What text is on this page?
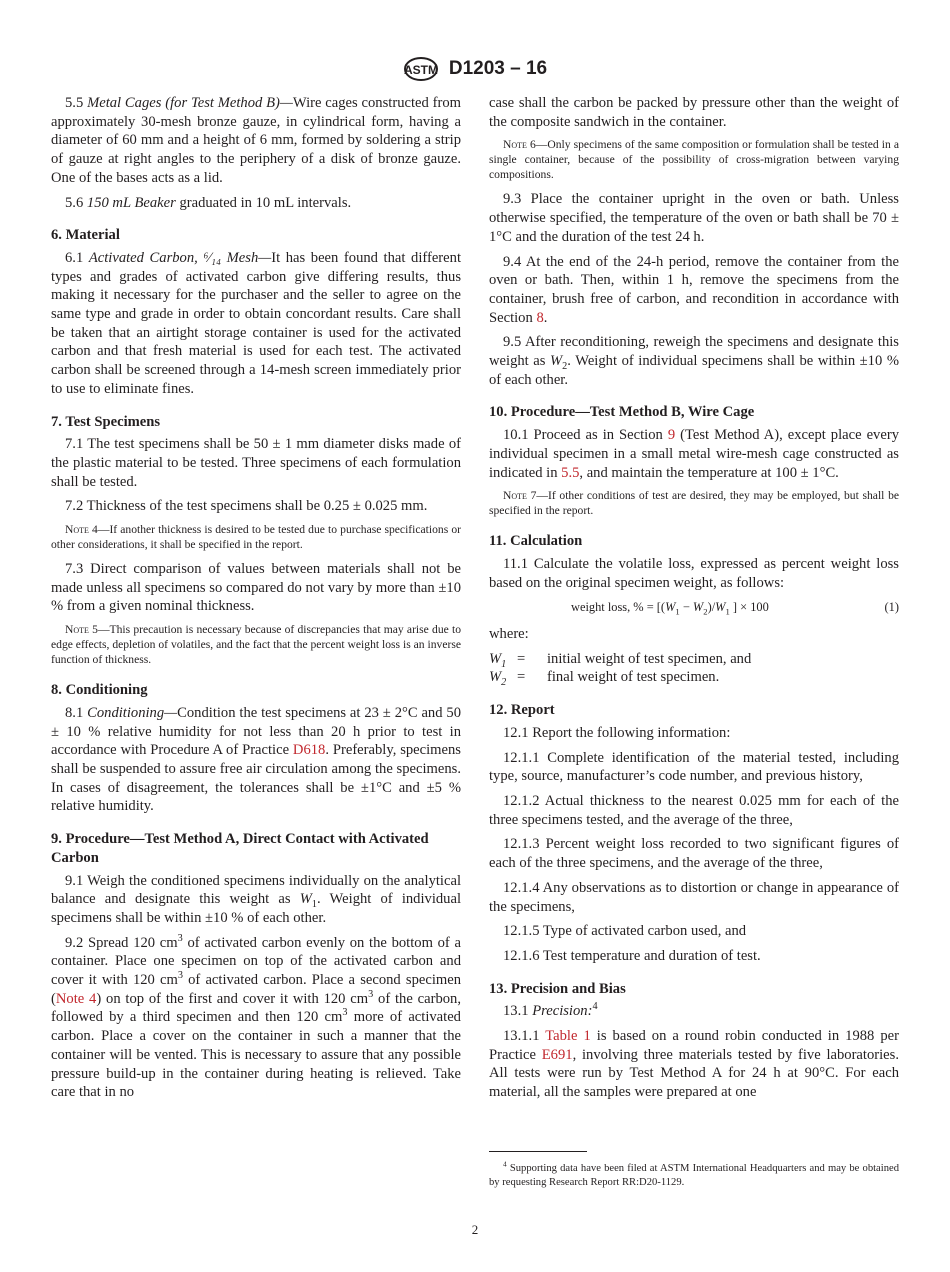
ASTM D1203 – 16
5.5 Metal Cages (for Test Method B)—Wire cages constructed from approximately 30-mesh bronze gauze, in cylindrical form, having a diameter of 60 mm and a height of 6 mm, formed by soldering a strip of gauze at right angles to the periphery of a disk of bronze gauze. One of the bases acts as a lid.
5.6 150 mL Beaker graduated in 10 mL intervals.
6. Material
6.1 Activated Carbon, ⁶⁄₁₄ Mesh—It has been found that different types and grades of activated carbon give differing results, thus making it necessary for the purchaser and the seller to agree on the same type and grade in order to obtain concordant results. Care shall be taken that an airtight storage container is used for the activated carbon and that fresh material is used for each test. The activated carbon shall be screened through a 14-mesh screen immediately prior to use to eliminate fines.
7. Test Specimens
7.1 The test specimens shall be 50 ± 1 mm diameter disks made of the plastic material to be tested. Three specimens of each formulation shall be tested.
7.2 Thickness of the test specimens shall be 0.25 ± 0.025 mm.
Note 4—If another thickness is desired to be tested due to purchase specifications or other considerations, it shall be specified in the report.
7.3 Direct comparison of values between materials shall not be made unless all specimens so compared do not vary by more than ±10 % from a given nominal thickness.
Note 5—This precaution is necessary because of discrepancies that may arise due to edge effects, depletion of volatiles, and the fact that the percent weight loss is an inverse function of thickness.
8. Conditioning
8.1 Conditioning—Condition the test specimens at 23 ± 2°C and 50 ± 10 % relative humidity for not less than 20 h prior to test in accordance with Procedure A of Practice D618. Preferably, specimens shall be suspended to assure free air circulation among the specimens. In cases of disagreement, the tolerances shall be ±1°C and ±5 % relative humidity.
9. Procedure—Test Method A, Direct Contact with Activated Carbon
9.1 Weigh the conditioned specimens individually on the analytical balance and designate this weight as $W_1$. Weight of individual specimens shall be within ±10 % of each other.
9.2 Spread 120 $cm^3$ of activated carbon evenly on the bottom of a container. Place one specimen on top of the activated carbon and cover it with 120 $cm^3$ of activated carbon. Place a second specimen (Note 4) on top of the first and cover it with 120 $cm^3$ of the carbon, followed by a third specimen and then 120 $cm^3$ more of activated carbon. Place a cover on the container in such a manner that the container will be vented. This is necessary to assure that any possible pressure build-up in the container during heating is relieved. Take care that in no
case shall the carbon be packed by pressure other than the weight of the composite sandwich in the container.
Note 6—Only specimens of the same composition or formulation shall be tested in a single container, because of the possibility of cross-migration between varying compositions.
9.3 Place the container upright in the oven or bath. Unless otherwise specified, the temperature of the oven or bath shall be 70 ± 1°C and the duration of the test 24 h.
9.4 At the end of the 24-h period, remove the container from the oven or bath. Then, within 1 h, remove the specimens from the container, brush free of carbon, and recondition in accordance with Section 8.
9.5 After reconditioning, reweigh the specimens and designate this weight as $W_2$. Weight of individual specimens shall be within ±10 % of each other.
10. Procedure—Test Method B, Wire Cage
10.1 Proceed as in Section 9 (Test Method A), except place every individual specimen in a small metal wire-mesh cage constructed as indicated in 5.5, and maintain the temperature at 100 ± 1°C.
Note 7—If other conditions of test are desired, they may be employed, but shall be specified in the report.
11. Calculation
11.1 Calculate the volatile loss, expressed as percent weight loss based on the original specimen weight, as follows:
weight loss, % = [$(W_1 - W_2)/W_1$ ] × 100	(1)
where:
$W_1$ =	initial weight of test specimen, and
$W_2$ =	final weight of test specimen.
12. Report
12.1 Report the following information:
12.1.1 Complete identification of the material tested, including type, source, manufacturer’s code number, and previous history,
12.1.2 Actual thickness to the nearest 0.025 mm for each of the three specimens tested, and the average of the three,
12.1.3 Percent weight loss recorded to two significant figures of each of the three specimens, and the average of the three,
12.1.4 Any observations as to distortion or change in appearance of the specimens,
12.1.5 Type of activated carbon used, and
12.1.6 Test temperature and duration of test.
13. Precision and Bias
13.1 Precision:$^4$
13.1.1 Table 1 is based on a round robin conducted in 1988 per Practice E691, involving three materials tested by five laboratories. All tests were run by Test Method A for 24 h at 90°C. For each material, all the samples were prepared at one
$^4$ Supporting data have been filed at ASTM International Headquarters and may be obtained by requesting Research Report RR:D20-1129.
2
